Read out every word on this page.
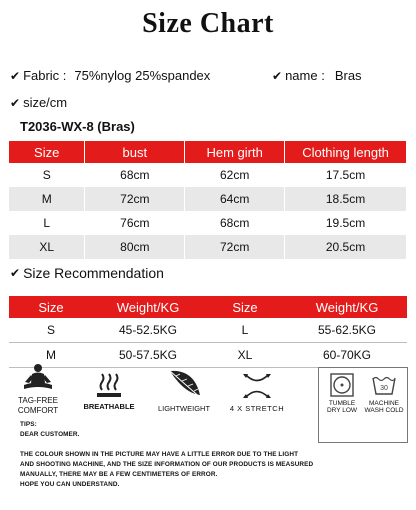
Size Chart
✔ Fabric : 75%nylog 25%spandex	✔ name : Bras
✔ size/cm
T2036-WX-8 (Bras)
Size	bust	Hem girth	Clothing length
S	68cm	62cm	17.5cm
M	72cm	64cm	18.5cm
L	76cm	68cm	19.5cm
XL	80cm	72cm	20.5cm
✔ Size Recommendation
Size	Weight/KG	Size	Weight/KG
S	45-52.5KG	L	55-62.5KG
M	50-57.5KG	XL	60-70KG
TAG-FREE
COMFORT	BREATHABLE	LIGHTWEIGHT	4 X STRETCH
TUMBLE
DRY LOW
30
MACHINE
WASH COLD
TIPS:
DEAR CUSTOMER.
THE COLOUR SHOWN IN THE PICTURE MAY HAVE A LITTLE ERROR DUE TO THE LIGHT
AND SHOOTING MACHINE, AND THE SIZE INFORMATION OF OUR PRODUCTS IS MEASURED
MANUALLY, THERE MAY BE A FEW CENTIMETERS OF ERROR.
HOPE YOU CAN UNDERSTAND.
